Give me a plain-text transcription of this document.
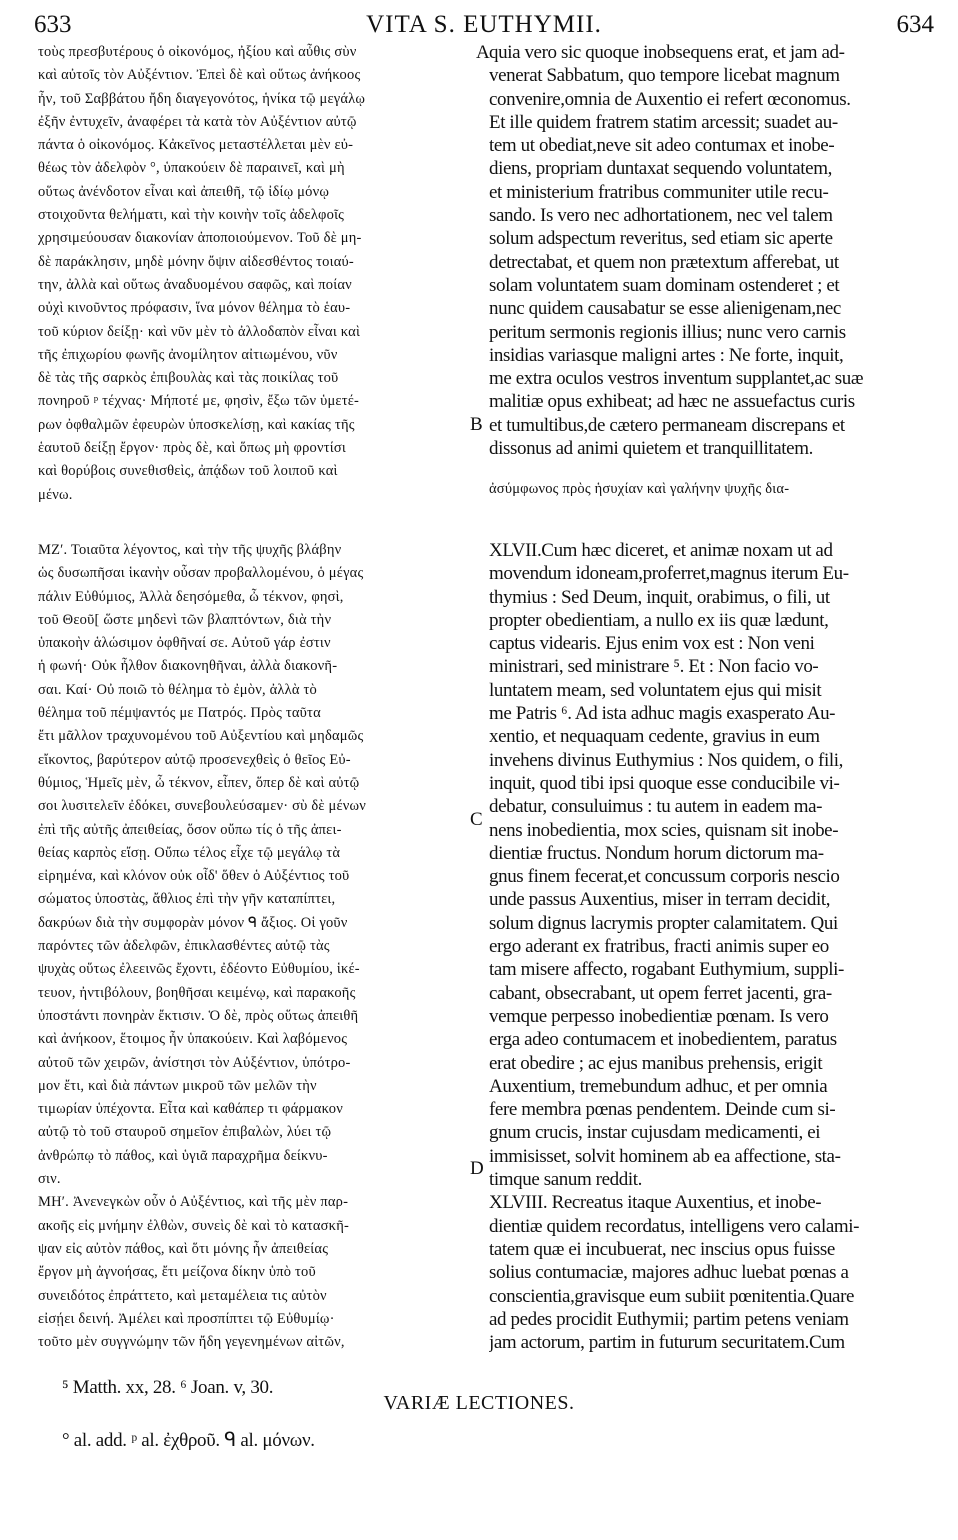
633	VITA S. EUTHYMII.	634
τοὺς πρεσβυτέρους ὁ οἰκονόμος, ἠξίου καὶ αὖθις σὺν
καὶ αὐτοῖς τὸν Αὐξέντιον. Ἐπεὶ δὲ καὶ οὕτως ἀνήκοος
ἦν, τοῦ Σαββάτου ἤδη διαγεγονότος, ἡνίκα τῷ μεγάλῳ
ἐξῆν ἐντυχεῖν, ἀναφέρει τὰ κατὰ τὸν Αὐξέντιον αὐτῷ
πάντα ὁ οἰκονόμος. Κἀκεῖνος μεταστέλλεται μὲν εὐ-
θέως τὸν ἀδελφὸν °, ὑπακούειν δὲ παραινεῖ, καὶ μὴ
οὕτως ἀνένδοτον εἶναι καὶ ἀπειθῆ, τῷ ἰδίῳ μόνῳ
στοιχοῦντα θελήματι, καὶ τὴν κοινὴν τοῖς ἀδελφοῖς
χρησιμεύουσαν διακονίαν ἀποποιούμενον. Τοῦ δὲ μη-
δὲ παράκλησιν, μηδὲ μόνην ὄψιν αἰδεσθέντος τοιαύ-
την, ἀλλὰ καὶ οὕτως ἀναδυομένου σαφῶς, καὶ ποίαν
οὐχὶ κινοῦντος πρόφασιν, ἵνα μόνον θέλημα τὸ ἑαυ-
τοῦ κύριον δείξῃ· καὶ νῦν μὲν τὸ ἀλλοδαπὸν εἶναι καὶ
τῆς ἐπιχωρίου φωνῆς ἀνομίλητον αἰτιωμένου, νῦν
δὲ τὰς τῆς σαρκὸς ἐπιβουλὰς καὶ τὰς ποικίλας τοῦ
πονηροῦ ᵖ τέχνας· Μήποτέ με, φησὶν, ἔξω τῶν ὑμετέ-
ρων ὀφθαλμῶν ἐφευρὼν ὑποσκελίσῃ, καὶ κακίας τῆς
ἑαυτοῦ δείξῃ ἔργον· πρὸς δὲ, καὶ ὅπως μὴ φροντίσι
καὶ θορύβοις συνεθισθεὶς, ἀπᾴδων τοῦ λοιποῦ καὶ
μένω.
quia vero sic quoque inobsequens erat, et jam ad-
venerat Sabbatum, quo tempore licebat magnum
convenire,omnia de Auxentio ei refert œconomus.
Et ille quidem fratrem statim arcessit; suadet au-
tem ut obediat,neve sit adeo contumax et inobe-
diens, propriam duntaxat sequendo voluntatem,
et ministerium fratribus communiter utile recu-
sando. Is vero nec adhortationem, nec vel talem
solum adspectum reveritus, sed etiam sic aperte
detrectabat, et quem non prætextum afferebat, ut
solam voluntatem suam dominam ostenderet ; et
nunc quidem causabatur se esse alienigenam,nec
peritum sermonis regionis illius; nunc vero carnis
insidias variasque maligni artes : Ne forte, inquit,
me extra oculos vestros inventum supplantet,ac suæ
malitiæ opus exhibeat; ad hæc ne assuefactus curis
et tumultibus,de cætero permaneam discrepans et
dissonus ad animi quietem et tranquillitatem.
ἀσύμφωνος πρὸς ἡσυχίαν καὶ γαλήνην ψυχῆς δια-
A
B
C
D
ΜΖʹ. Τοιαῦτα λέγοντος, καὶ τὴν τῆς ψυχῆς βλάβην
ὡς δυσωπῆσαι ἱκανὴν οὖσαν προβαλλομένου, ὁ μέγας
πάλιν Εὐθύμιος, Ἀλλὰ δεησόμεθα, ὦ τέκνον, φησὶ,
τοῦ Θεοῦ[ ὥστε μηδενὶ τῶν βλαπτόντων, διὰ τὴν
ὑπακοὴν ἁλώσιμον ὀφθῆναί σε. Αὐτοῦ γάρ ἐστιν
ἡ φωνή· Οὐκ ἦλθον διακονηθῆναι, ἀλλὰ διακονῆ-
σαι. Καί· Οὐ ποιῶ τὸ θέλημα τὸ ἐμὸν, ἀλλὰ τὸ
θέλημα τοῦ πέμψαντός με Πατρός. Πρὸς ταῦτα
ἔτι μᾶλλον τραχυνομένου τοῦ Αὐξεντίου καὶ μηδαμῶς
εἴκοντος, βαρύτερον αὐτῷ προσενεχθεὶς ὁ θεῖος Εὐ-
θύμιος, Ἡμεῖς μὲν, ὦ τέκνον, εἶπεν, ὅπερ δὲ καὶ αὐτῷ
σοι λυσιτελεῖν ἐδόκει, συνεβουλεύσαμεν· σὺ δὲ μένων
ἐπὶ τῆς αὐτῆς ἀπειθείας, ὅσον οὔπω τίς ὁ τῆς ἀπει-
θείας καρπὸς εἴσῃ. Οὔπω τέλος εἶχε τῷ μεγάλῳ τὰ
εἰρημένα, καὶ κλόνον οὐκ οἶδ' ὅθεν ὁ Αὐξέντιος τοῦ
σώματος ὑποστὰς, ἄθλιος ἐπὶ τὴν γῆν καταπίπτει,
δακρύων διὰ τὴν συμφορὰν μόνον ᑫ ἄξιος. Οἱ γοῦν
παρόντες τῶν ἀδελφῶν, ἐπικλασθέντες αὐτῷ τὰς
ψυχὰς οὕτως ἐλεεινῶς ἔχοντι, ἐδέοντο Εὐθυμίου, ἱκέ-
τευον, ἠντιβόλουν, βοηθῆσαι κειμένῳ, καὶ παρακοῆς
ὑποστάντι πονηρὰν ἔκτισιν. Ὁ δὲ, πρὸς οὕτως ἀπειθῆ
καὶ ἀνήκοον, ἕτοιμος ἦν ὑπακούειν. Καὶ λαβόμενος
αὐτοῦ τῶν χειρῶν, ἀνίστησι τὸν Αὐξέντιον, ὑπότρο-
μον ἔτι, καὶ διὰ πάντων μικροῦ τῶν μελῶν τὴν
τιμωρίαν ὑπέχοντα. Εἶτα καὶ καθάπερ τι φάρμακον
αὐτῷ τὸ τοῦ σταυροῦ σημεῖον ἐπιβαλὼν, λύει τῷ
ἀνθρώπῳ τὸ πάθος, καὶ ὑγιᾶ παραχρῆμα δείκνυ-
σιν.
ΜΗʹ. Ἀνενεγκὼν οὖν ὁ Αὐξέντιος, καὶ τῆς μὲν παρ-
ακοῆς εἰς μνήμην ἐλθὼν, συνεὶς δὲ καὶ τὸ κατασκῆ-
ψαν εἰς αὐτὸν πάθος, καὶ ὅτι μόνης ἦν ἀπειθείας
ἔργον μὴ ἀγνοήσας, ἔτι μείζονα δίκην ὑπὸ τοῦ
συνειδότος ἐπράττετο, καὶ μεταμέλεια τις αὐτὸν
εἰσῄει δεινή. Ἀμέλει καὶ προσπίπτει τῷ Εὐθυμίῳ·
τοῦτο μὲν συγγνώμην τῶν ἤδη γεγενημένων αἰτῶν,
XLVII.Cum hæc diceret, et animæ noxam ut ad
movendum idoneam,proferret,magnus iterum Eu-
thymius : Sed Deum, inquit, orabimus, o fili, ut
propter obedientiam, a nullo ex iis quæ lædunt,
captus videaris. Ejus enim vox est : Non veni
ministrari, sed ministrare ⁵. Et : Non facio vo-
luntatem meam, sed voluntatem ejus qui misit
me Patris ⁶. Ad ista adhuc magis exasperato Au-
xentio, et nequaquam cedente, gravius in eum
invehens divinus Euthymius : Nos quidem, o fili,
inquit, quod tibi ipsi quoque esse conducibile vi-
debatur, consuluimus : tu autem in eadem ma-
nens inobedientia, mox scies, quisnam sit inobe-
dientiæ fructus. Nondum horum dictorum ma-
gnus finem fecerat,et concussum corporis nescio
unde passus Auxentius, miser in terram decidit,
solum dignus lacrymis propter calamitatem. Qui
ergo aderant ex fratribus, fracti animis super eo
tam misere affecto, rogabant Euthymium, suppli-
cabant, obsecrabant, ut opem ferret jacenti, gra-
vemque perpesso inobedientiæ pœnam. Is vero
erga adeo contumacem et inobedientem, paratus
erat obedire ; ac ejus manibus prehensis, erigit
Auxentium, tremebundum adhuc, et per omnia
fere membra pœnas pendentem. Deinde cum si-
gnum crucis, instar cujusdam medicamenti, ei
immisisset, solvit hominem ab ea affectione, sta-
timque sanum reddit.
XLVIII. Recreatus itaque Auxentius, et inobe-
dientiæ quidem recordatus, intelligens vero calami-
tatem quæ ei incubuerat, nec inscius opus fuisse
solius contumaciæ, majores adhuc luebat pœnas a
conscientia,gravisque eum subiit pœnitentia.Quare
ad pedes procidit Euthymii; partim petens veniam
jam actorum, partim in futurum securitatem.Cum
⁵ Matth. xx, 28. ⁶ Joan. v, 30.
VARIÆ LECTIONES.
° al. add. ᵖ al. ἐχθροῦ. ᑫ al. μόνων.
